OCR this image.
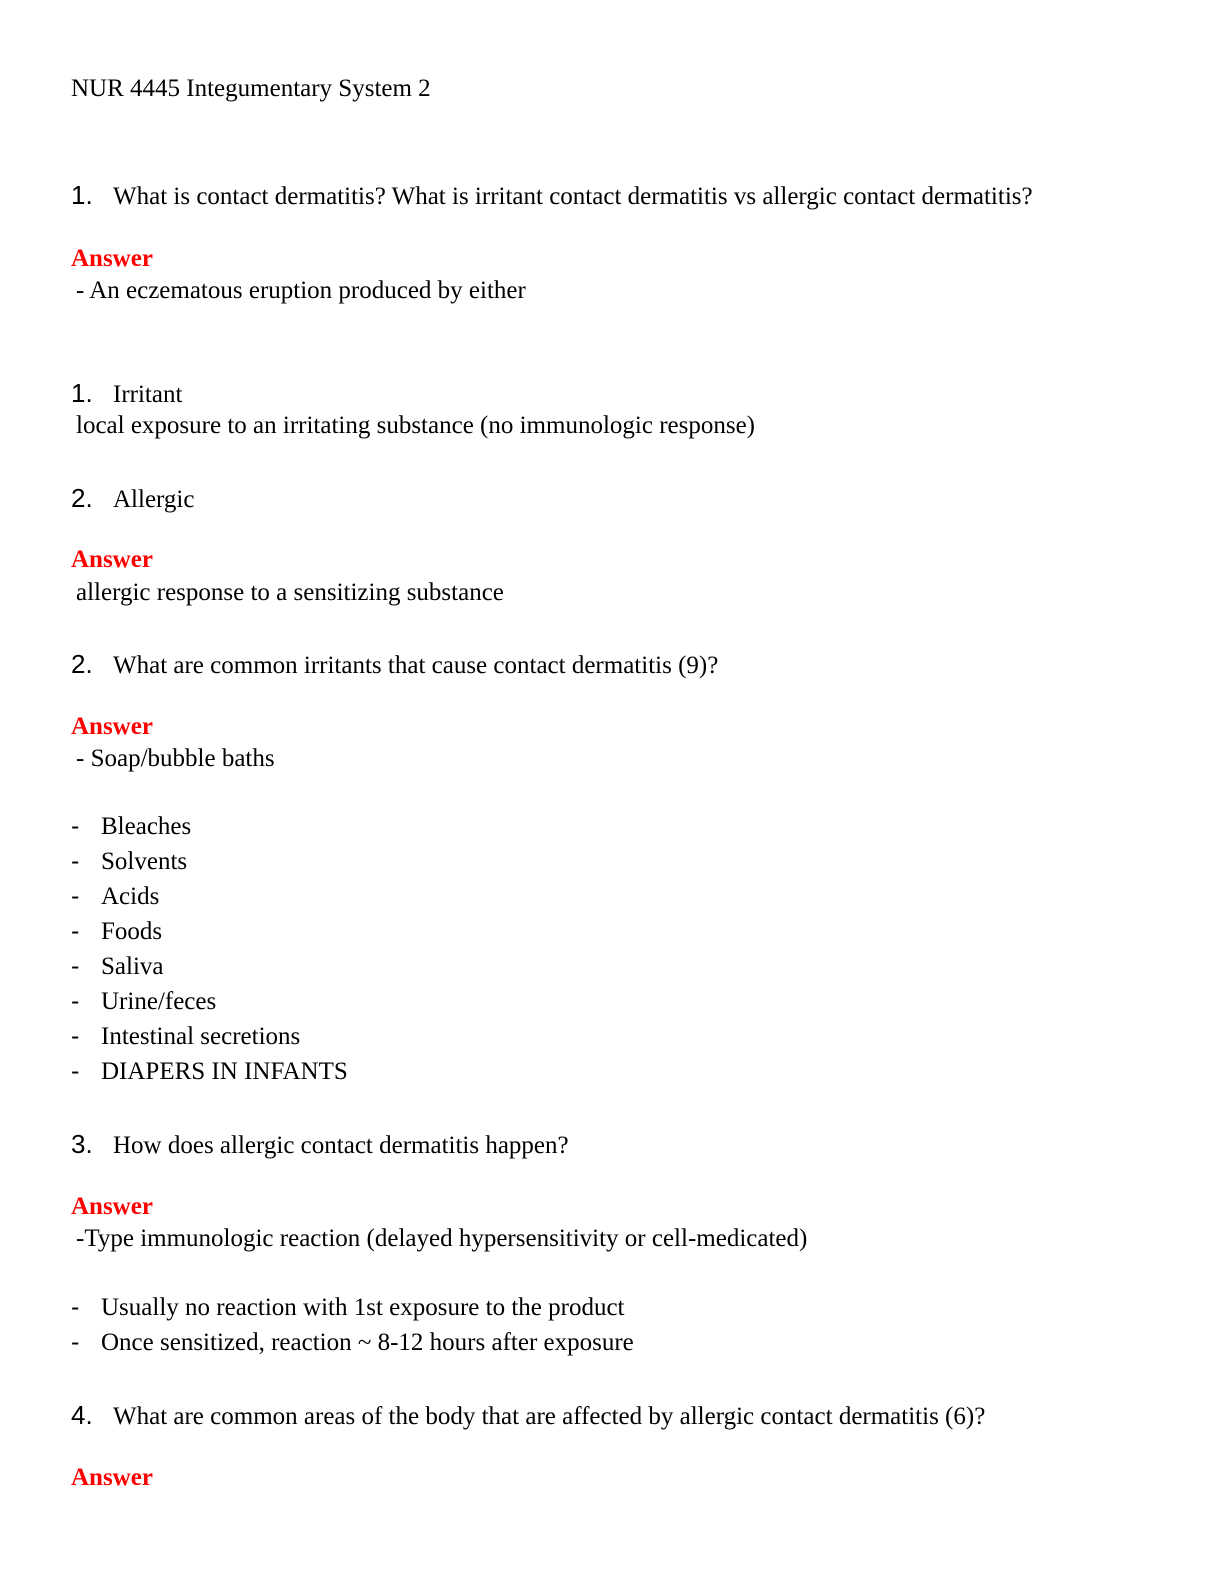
NUR 4445 Integumentary System 2
1. What is contact dermatitis? What is irritant contact dermatitis vs allergic contact dermatitis?
Answer
- An eczematous eruption produced by either
1. Irritant
local exposure to an irritating substance (no immunologic response)
2. Allergic
Answer
allergic response to a sensitizing substance
2. What are common irritants that cause contact dermatitis (9)?
Answer
- Soap/bubble baths
- Bleaches
- Solvents
- Acids
- Foods
- Saliva
- Urine/feces
- Intestinal secretions
- DIAPERS IN INFANTS
3. How does allergic contact dermatitis happen?
Answer
-Type immunologic reaction (delayed hypersensitivity or cell-medicated)
- Usually no reaction with 1st exposure to the product
- Once sensitized, reaction ~ 8-12 hours after exposure
4. What are common areas of the body that are affected by allergic contact dermatitis (6)?
Answer
